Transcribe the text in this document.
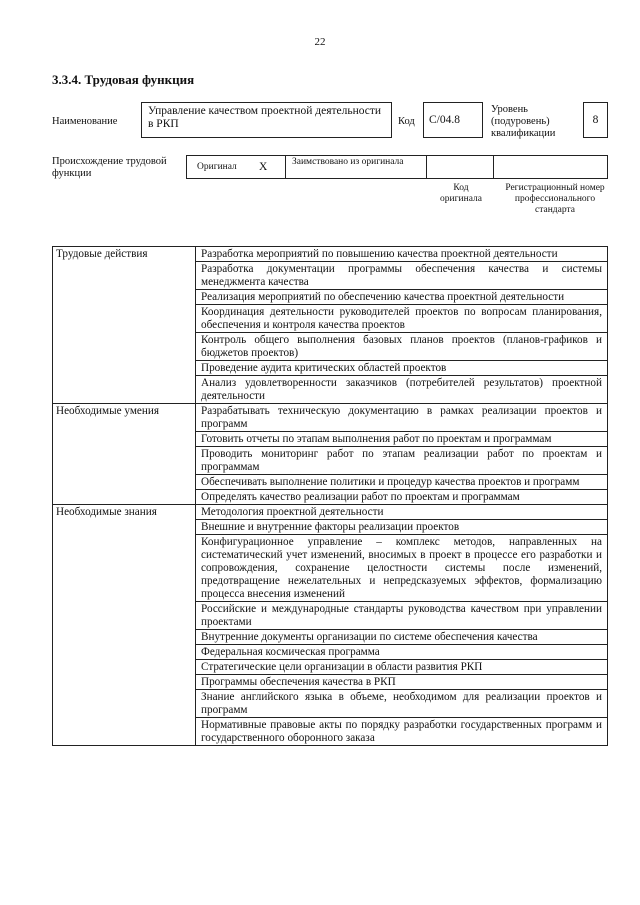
22
3.3.4. Трудовая функция
Наименование
Управление качеством проектной деятельности в РКП	Код	C/04.8
Уровень (подуровень) квалификации
8
Происхождение трудовой функции
Оригинал X	Заимствовано из оригинала
Код оригинала
Регистрационный номер профессионального стандарта
Трудовые действия	Разработка мероприятий по повышению качества проектной деятельности
	Разработка документации программы обеспечения качества и системы менеджмента качества
	Реализация мероприятий по обеспечению качества проектной деятельности
	Координация деятельности руководителей проектов по вопросам планирования, обеспечения и контроля качества проектов
	Контроль общего выполнения базовых планов проектов (планов-графиков и бюджетов проектов)
	Проведение аудита критических областей проектов
	Анализ удовлетворенности заказчиков (потребителей результатов) проектной деятельности
Необходимые умения	Разрабатывать техническую документацию в рамках реализации проектов и программ
	Готовить отчеты по этапам выполнения работ по проектам и программам
	Проводить мониторинг работ по этапам реализации работ по проектам и программам
	Обеспечивать выполнение политики и процедур качества проектов и программ
	Определять качество реализации работ по проектам и программам
Необходимые знания	Методология проектной деятельности
	Внешние и внутренние факторы реализации проектов
	Конфигурационное управление – комплекс методов, направленных на систематический учет изменений, вносимых в проект в процессе его разработки и сопровождения, сохранение целостности системы после изменений, предотвращение нежелательных и непредсказуемых эффектов, формализацию процесса внесения изменений
	Российские и международные стандарты руководства качеством при управлении проектами
	Внутренние документы организации по системе обеспечения качества
	Федеральная космическая программа
	Стратегические цели организации в области развития РКП
	Программы обеспечения качества в РКП
	Знание английского языка в объеме, необходимом для реализации проектов и программ
	Нормативные правовые акты по порядку разработки государственных программ и государственного оборонного заказа
